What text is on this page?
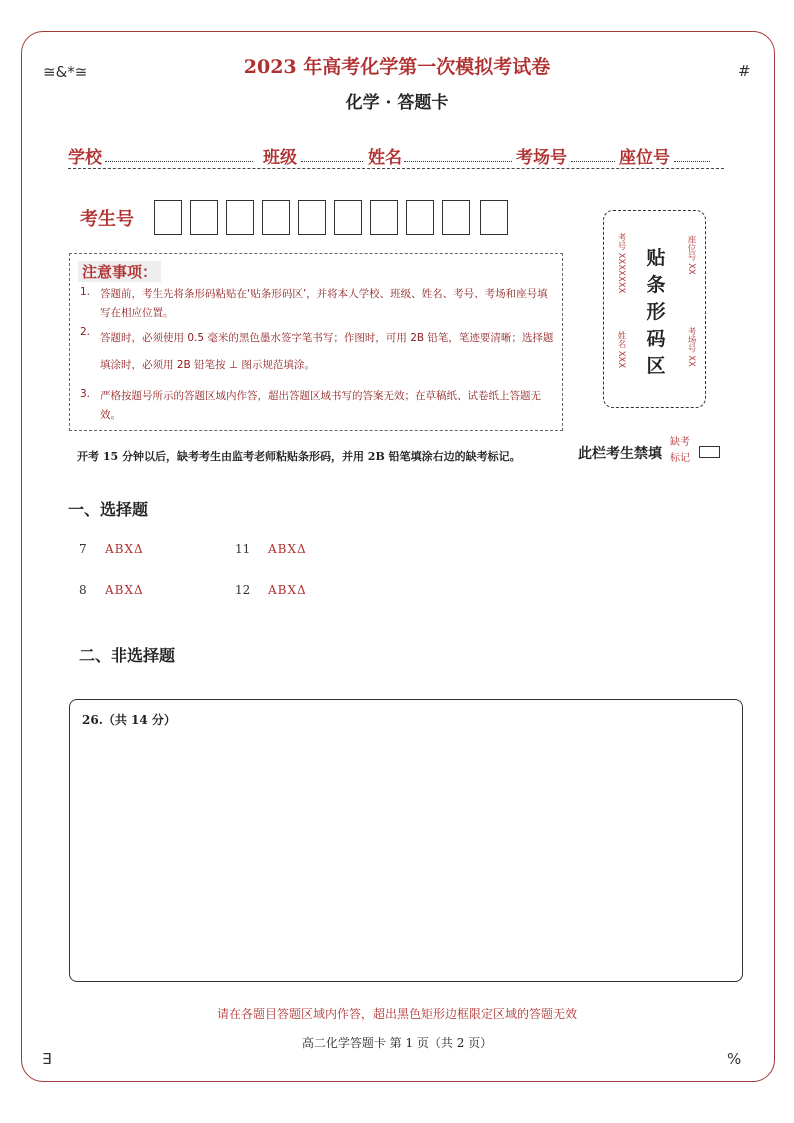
≅&*≅	#
2023 年高考化学第一次模拟考试卷
化学 · 答题卡
学校	班级	姓名	考场号	座位号
考生号
注意事项：
1. 答题前，考生先将条形码粘贴在‘贴条形码区’，并将本人学校、班级、姓名、考号、考场和座号填写在相应位置。
2. 答题时，必须使用 0.5 毫米的黑色墨水签字笔书写；作图时，可用 2B 铅笔，笔迹要清晰；选择题填涂时，必须用 2B 铅笔按 ⊥ 图示规范填涂。
3. 严格按题号所示的答题区域内作答，超出答题区域书写的答案无效；在草稿纸、试卷纸上答题无效。
贴条形码区
考号 XXXXXXX
姓名 XXX
座位号 XX
考场号 XX
开考 15 分钟以后，缺考考生由监考老师粘贴条形码，并用 2B 铅笔填涂右边的缺考标记。	此栏考生禁填
缺考标记
一、选择题
7 ABXΔ	11 ABXΔ
8 ABXΔ	12 ABXΔ
二、非选择题
26.（共 14 分）
请在各题目答题区域内作答，超出黑色矩形边框限定区域的答题无效
高二化学答题卡 第 1 页（共 2 页）
∃	%
